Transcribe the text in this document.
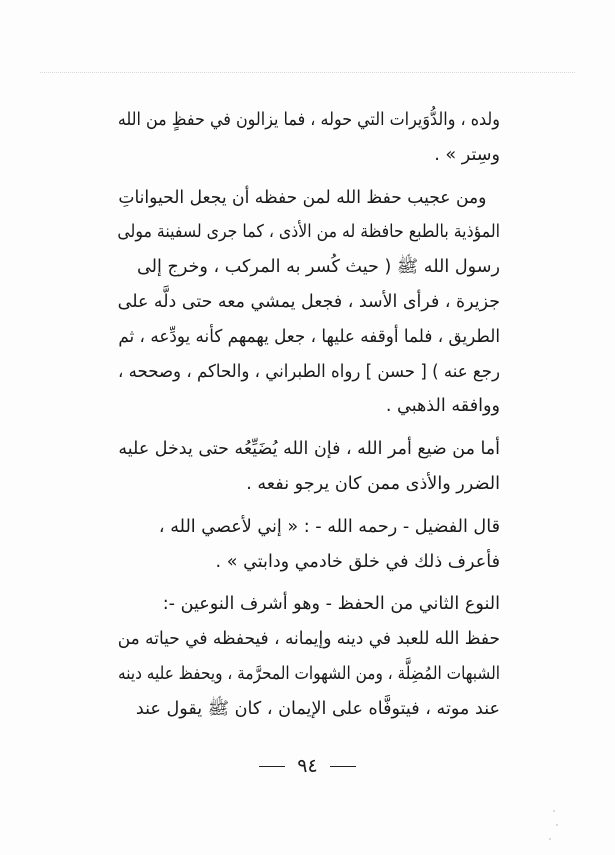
ولده ، والدُّوَيرات التي حوله ، فما يزالون في حفظٍ من الله
وسِتر » .

ومن عجيب حفظ الله لمن حفظه أن يجعل الحيواناتِ
المؤذية بالطبع حافظة له من الأذى ، كما جرى لسفينة مولى
رسول الله ﷺ ( حيث كُسر به المركب ، وخرج إلى
جزيرة ، فرأى الأسد ، فجعل يمشي معه حتى دلَّه على
الطريق ، فلما أوقفه عليها ، جعل يهمهم كأنه يودِّعه ، ثم
رجع عنه ) [ حسن ] رواه الطبراني ، والحاكم ، وصححه ،
ووافقه الذهبي .

أما من ضيع أمر الله ، فإن الله يُضَيِّعُه حتى يدخل عليه
الضرر والأذى ممن كان يرجو نفعه .

قال الفضيل - رحمه الله - : « إني لأعصي الله ،
فأعرف ذلك في خلق خادمي ودابتي » .

النوع الثاني من الحفظ - وهو أشرف النوعين -:
حفظ الله للعبد في دينه وإيمانه ، فيحفظه في حياته من
الشبهات المُضِلَّة ، ومن الشهوات المحرَّمة ، ويحفظ عليه دينه
عند موته ، فيتوفَّاه على الإيمان ، كان ﷺ يقول عند

٩٤
